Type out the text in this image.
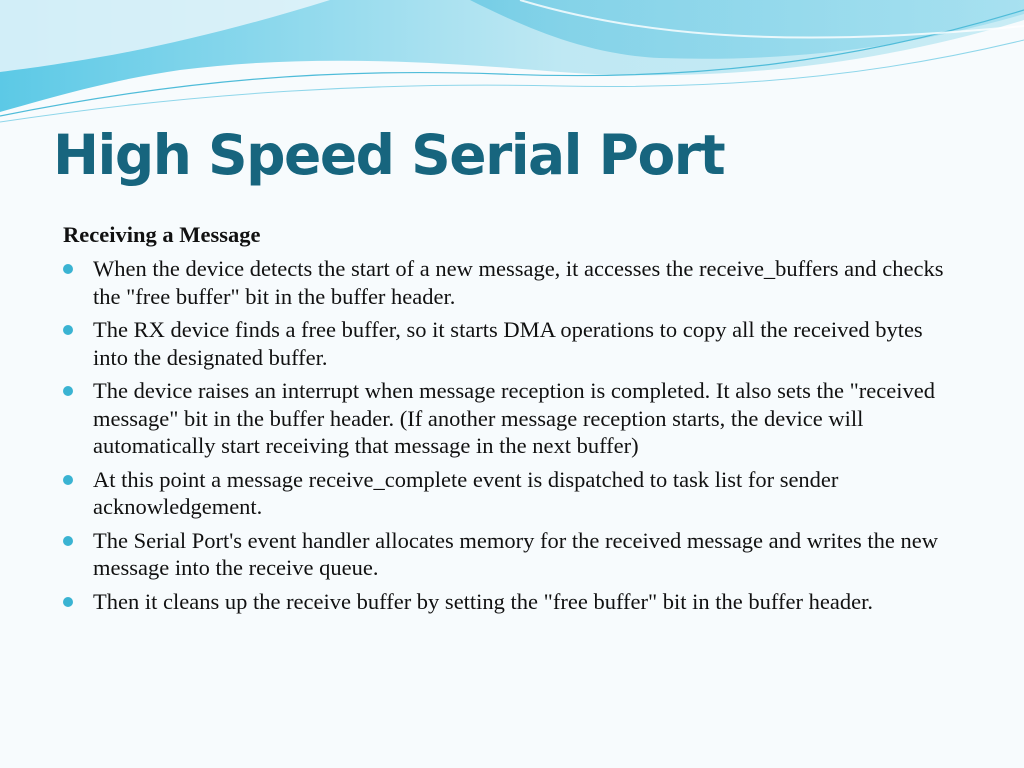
High Speed Serial Port
Receiving a Message
When the device detects the start of a new message, it accesses the receive_buffers and checks the "free buffer" bit in the buffer header.
The RX device finds a free buffer, so it starts DMA operations to copy all the received bytes into the designated buffer.
The device raises an interrupt when message reception is completed. It also sets the "received message" bit in the buffer header. (If another message reception starts, the device will automatically start receiving that message in the next buffer)
At this point a message receive_complete event is dispatched to task list for sender acknowledgement.
The Serial Port's event handler allocates memory for the received message and writes the new message into the receive queue.
Then it cleans up the receive buffer by setting the "free buffer" bit in the buffer header.
